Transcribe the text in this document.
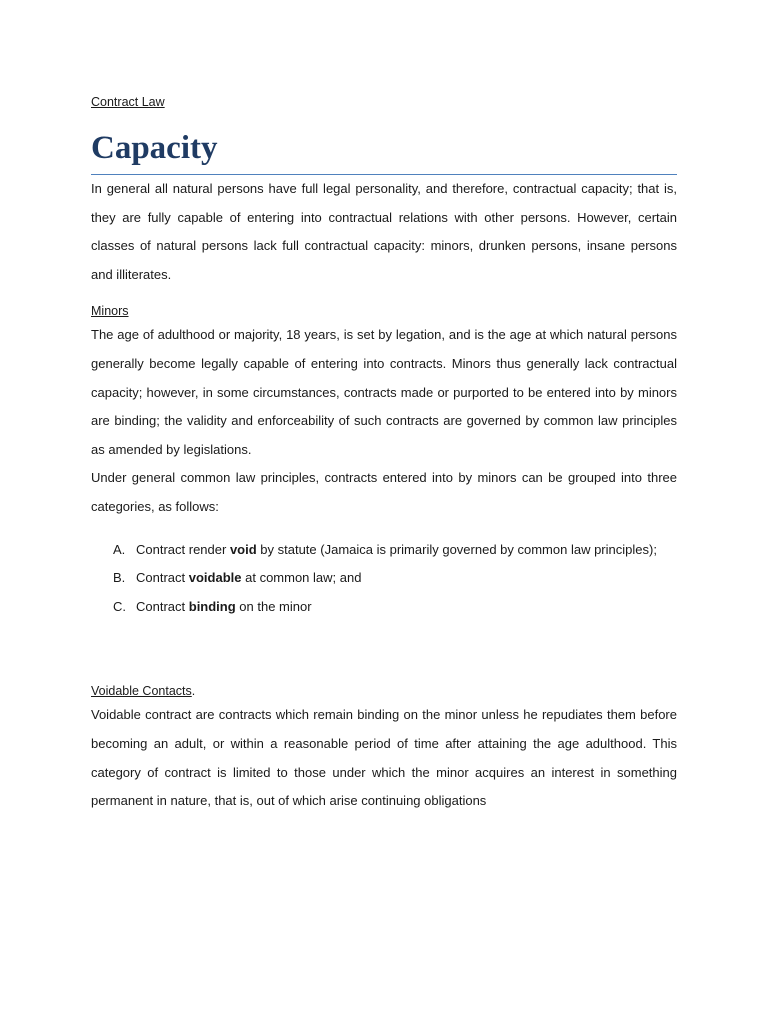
Contract Law

Capacity

In general all natural persons have full legal personality, and therefore, contractual capacity; that is, they are fully capable of entering into contractual relations with other persons. However, certain classes of natural persons lack full contractual capacity: minors, drunken persons, insane persons and illiterates.

Minors

The age of adulthood or majority, 18 years, is set by legation, and is the age at which natural persons generally become legally capable of entering into contracts. Minors thus generally lack contractual capacity; however, in some circumstances, contracts made or purported to be entered into by minors are binding; the validity and enforceability of such contracts are governed by common law principles as amended by legislations.

Under general common law principles, contracts entered into by minors can be grouped into three categories, as follows:

A. Contract render void by statute (Jamaica is primarily governed by common law principles);
B. Contract voidable at common law; and
C. Contract binding on the minor

Voidable Contacts.

Voidable contract are contracts which remain binding on the minor unless he repudiates them before becoming an adult, or within a reasonable period of time after attaining the age adulthood. This category of contract is limited to those under which the minor acquires an interest in something permanent in nature, that is, out of which arise continuing obligations
